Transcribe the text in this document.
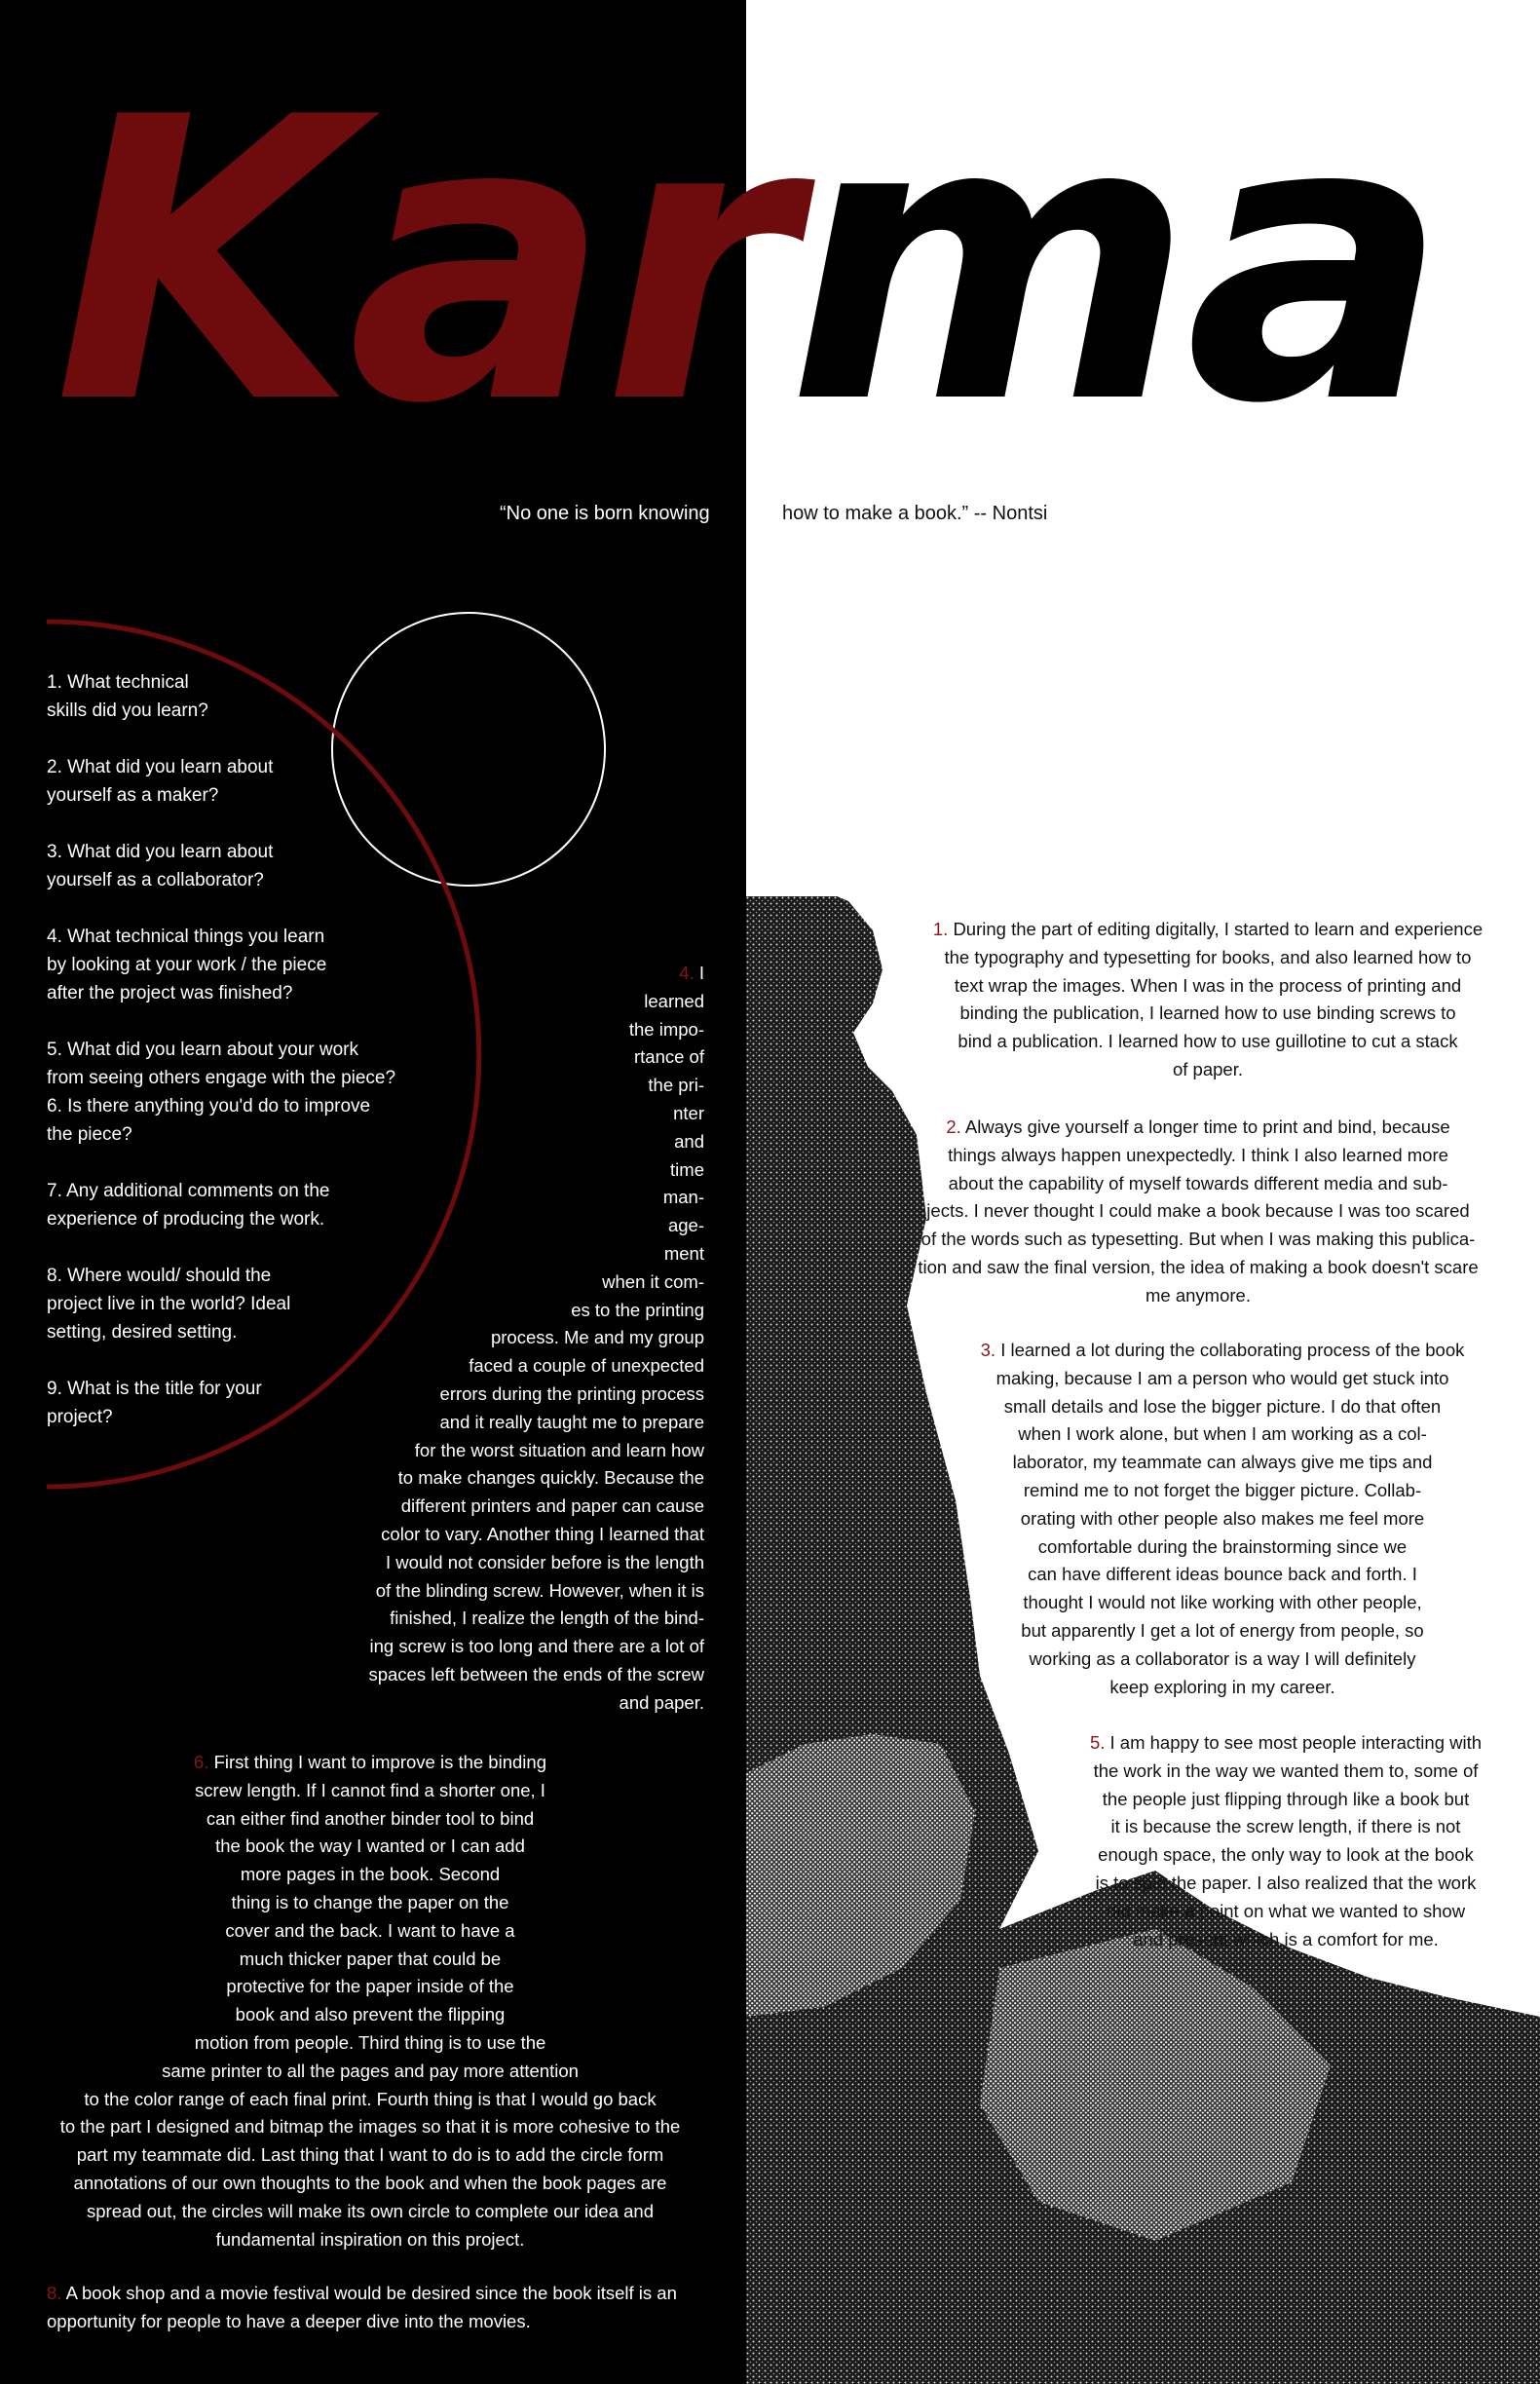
Karma
“No one is born knowing	how to make a book.” -- Nontsi
1. What technical
skills did you learn?
2. What did you learn about
yourself as a maker?
3. What did you learn about
yourself as a collaborator?
4. What technical things you learn
by looking at your work / the piece
after the project was finished?
5. What did you learn about your work
from seeing others engage with the piece?
6. Is there anything you'd do to improve
the piece?
7. Any additional comments on the
experience of producing the work.
8. Where would/ should the
project live in the world? Ideal
setting, desired setting.
9. What is the title for your
project?
4. I
learned
the impo-
rtance of
the pri-
nter
and
time
man-
age-
ment
when it com-
es to the printing
process. Me and my group
faced a couple of unexpected
errors during the printing process
and it really taught me to prepare
for the worst situation and learn how
to make changes quickly. Because the
different printers and paper can cause
color to vary. Another thing I learned that
I would not consider before is the length
of the blinding screw. However, when it is
finished, I realize the length of the bind-
ing screw is too long and there are a lot of
spaces left between the ends of the screw
and paper.
6. First thing I want to improve is the binding
screw length. If I cannot find a shorter one, I
can either find another binder tool to bind
the book the way I wanted or I can add
more pages in the book. Second
thing is to change the paper on the
cover and the back. I want to have a
much thicker paper that could be
protective for the paper inside of the
book and also prevent the flipping
motion from people. Third thing is to use the
same printer to all the pages and pay more attention
to the color range of each final print. Fourth thing is that I would go back
to the part I designed and bitmap the images so that it is more cohesive to the
part my teammate did. Last thing that I want to do is to add the circle form
annotations of our own thoughts to the book and when the book pages are
spread out, the circles will make its own circle to complete our idea and
fundamental inspiration on this project.
8. A book shop and a movie festival would be desired since the book itself is an
opportunity for people to have a deeper dive into the movies.
1. During the part of editing digitally, I started to learn and experience
the typography and typesetting for books, and also learned how to
text wrap the images. When I was in the process of printing and
binding the publication, I learned how to use binding screws to
bind a publication. I learned how to use guillotine to cut a stack
of paper.
2. Always give yourself a longer time to print and bind, because
things always happen unexpectedly. I think I also learned more
about the capability of myself towards different media and sub-
jects. I never thought I could make a book because I was too scared
of the words such as typesetting. But when I was making this publica-
tion and saw the final version, the idea of making a book doesn't scare
me anymore.
3. I learned a lot during the collaborating process of the book
making, because I am a person who would get stuck into
small details and lose the bigger picture. I do that often
when I work alone, but when I am working as a col-
laborator, my teammate can always give me tips and
remind me to not forget the bigger picture. Collab-
orating with other people also makes me feel more
comfortable during the brainstorming since we
can have different ideas bounce back and forth. I
thought I would not like working with other people,
but apparently I get a lot of energy from people, so
working as a collaborator is a way I will definitely
keep exploring in my career.
5. I am happy to see most people interacting with
the work in the way we wanted them to, some of
the people just flipping through like a book but
it is because the screw length, if there is not
enough space, the only way to look at the book
is to spin the paper. I also realized that the work
did make a point on what we wanted to show
and present which is a comfort for me.
